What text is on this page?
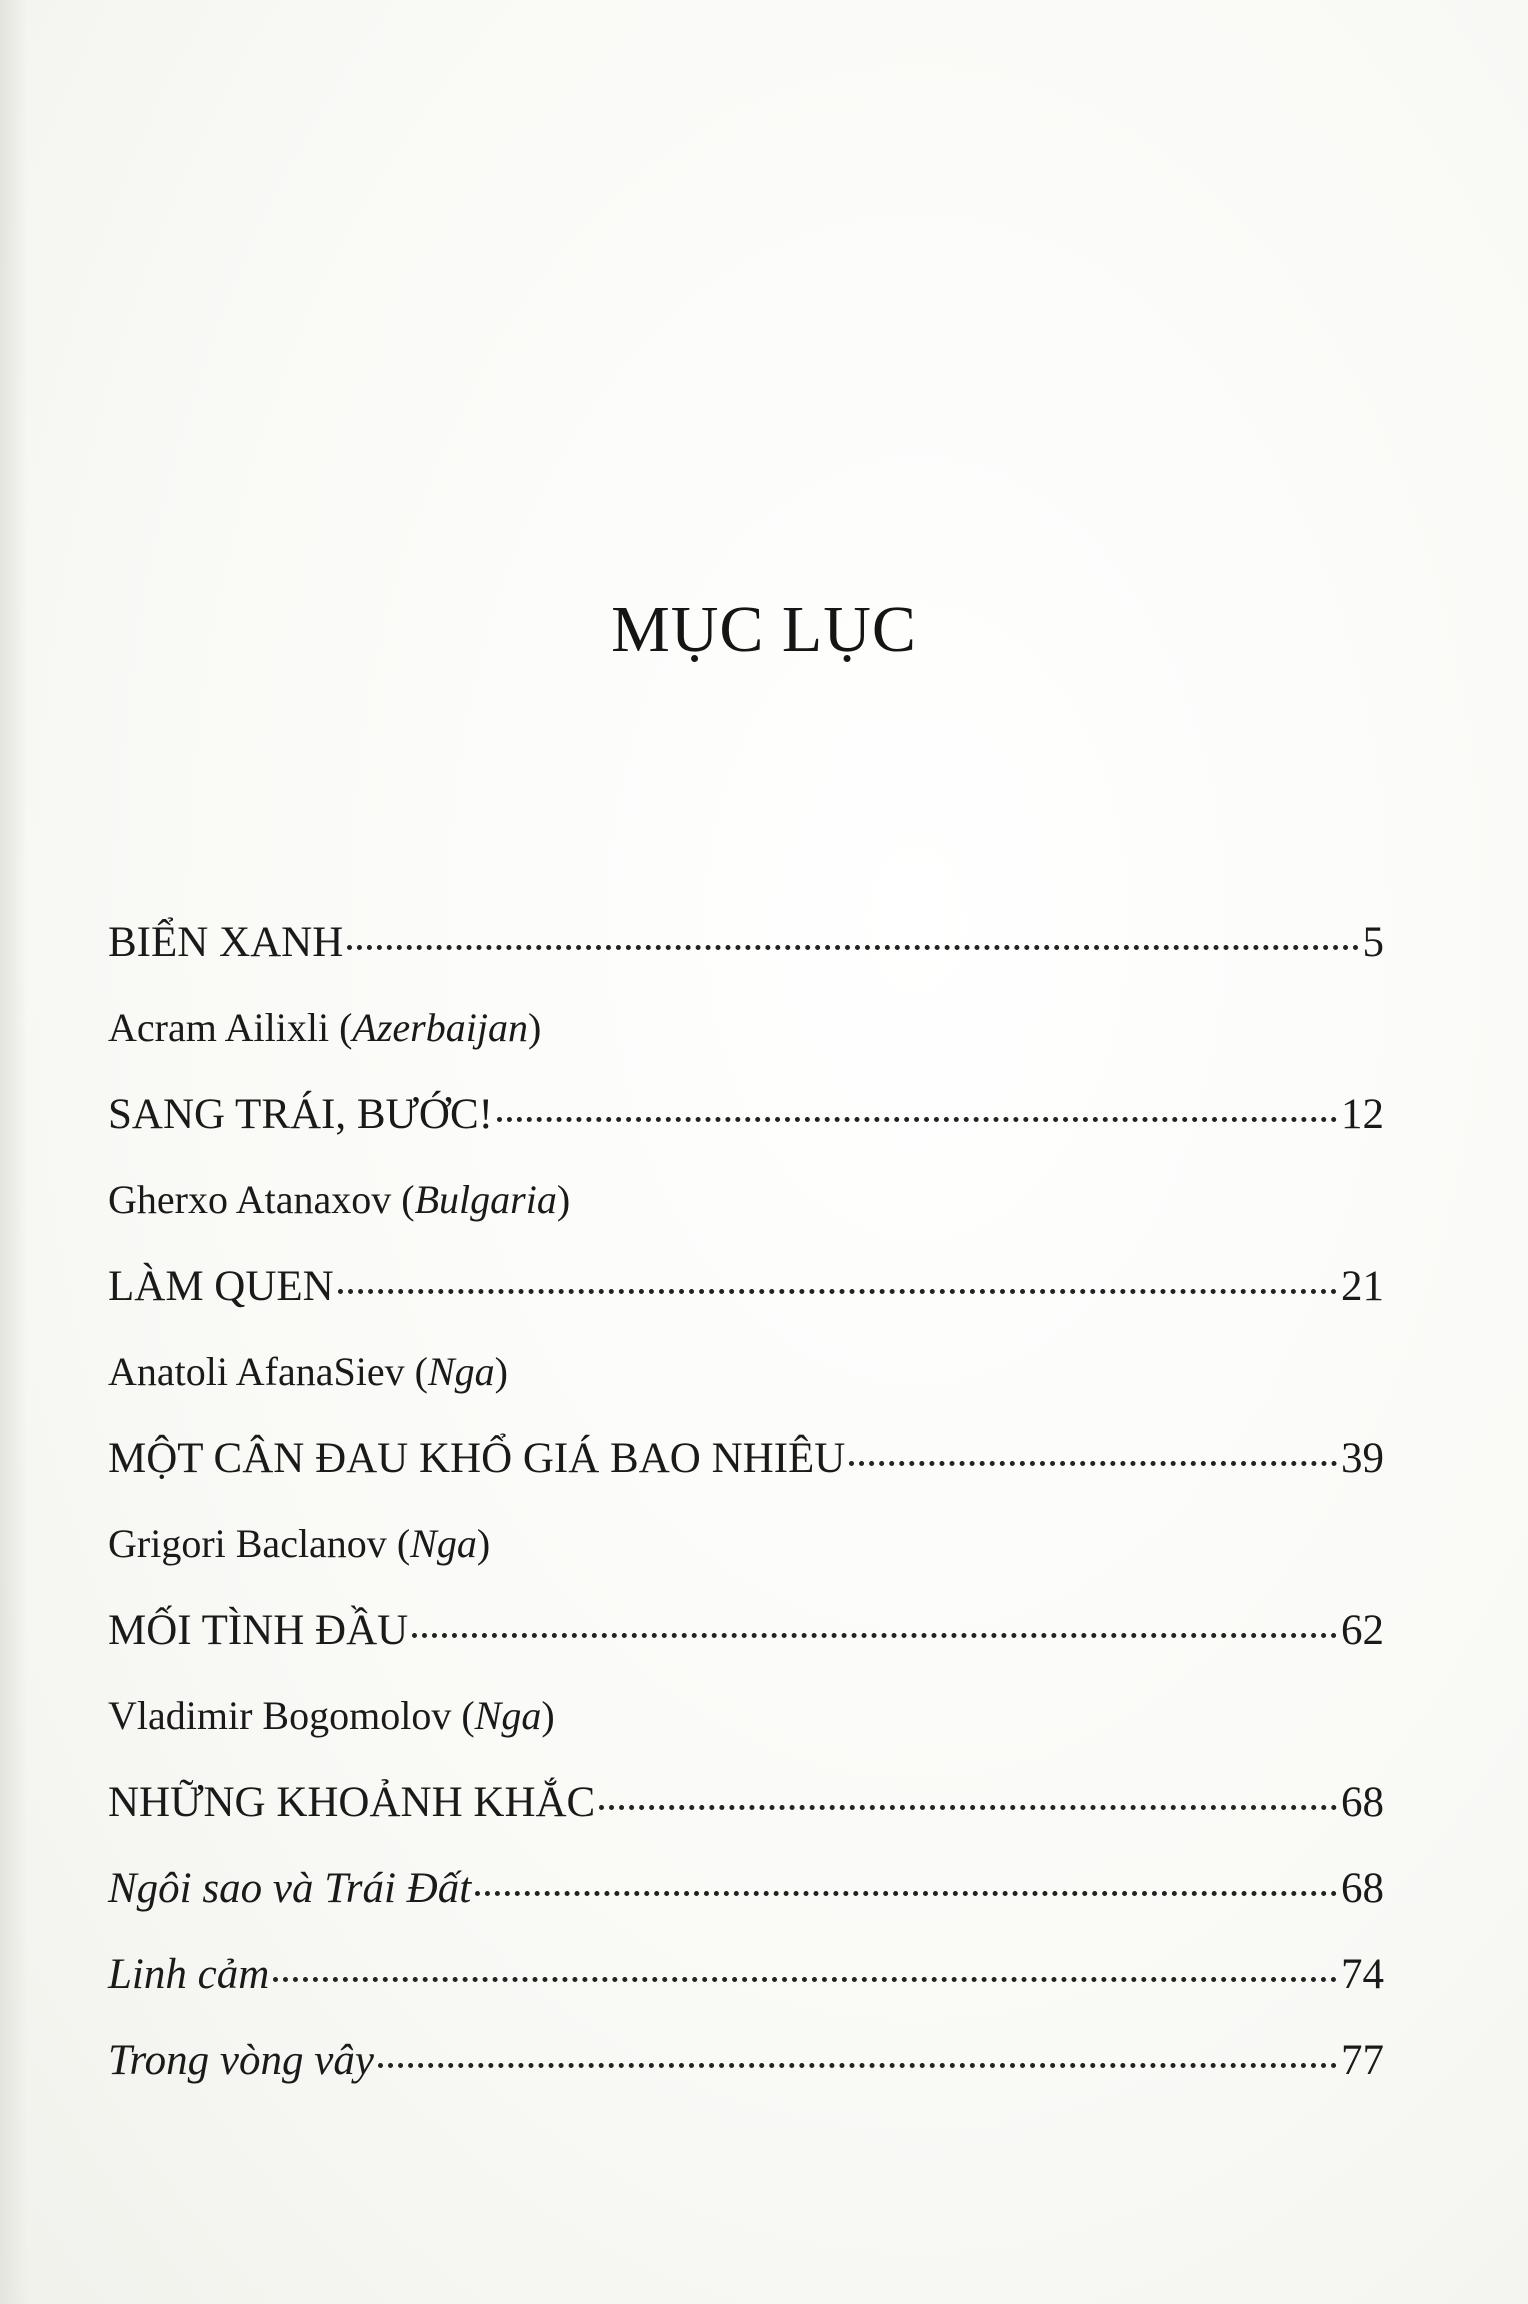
MỤC LỤC
BIỂN XANH	5
Acram Ailixli ( Azerbaijan )
SANG TRÁI, BƯỚC!	12
Gherxo Atanaxov ( Bulgaria )
LÀM QUEN	21
Anatoli AfanaSiev ( Nga )
MỘT CÂN ĐAU KHỔ GIÁ BAO NHIÊU	39
Grigori Baclanov ( Nga )
MỐI TÌNH ĐẦU	62
Vladimir Bogomolov ( Nga )
NHỮNG KHOẢNH KHẮC	68
Ngôi sao và Trái Đất	68
Linh cảm	74
Trong vòng vây	77
